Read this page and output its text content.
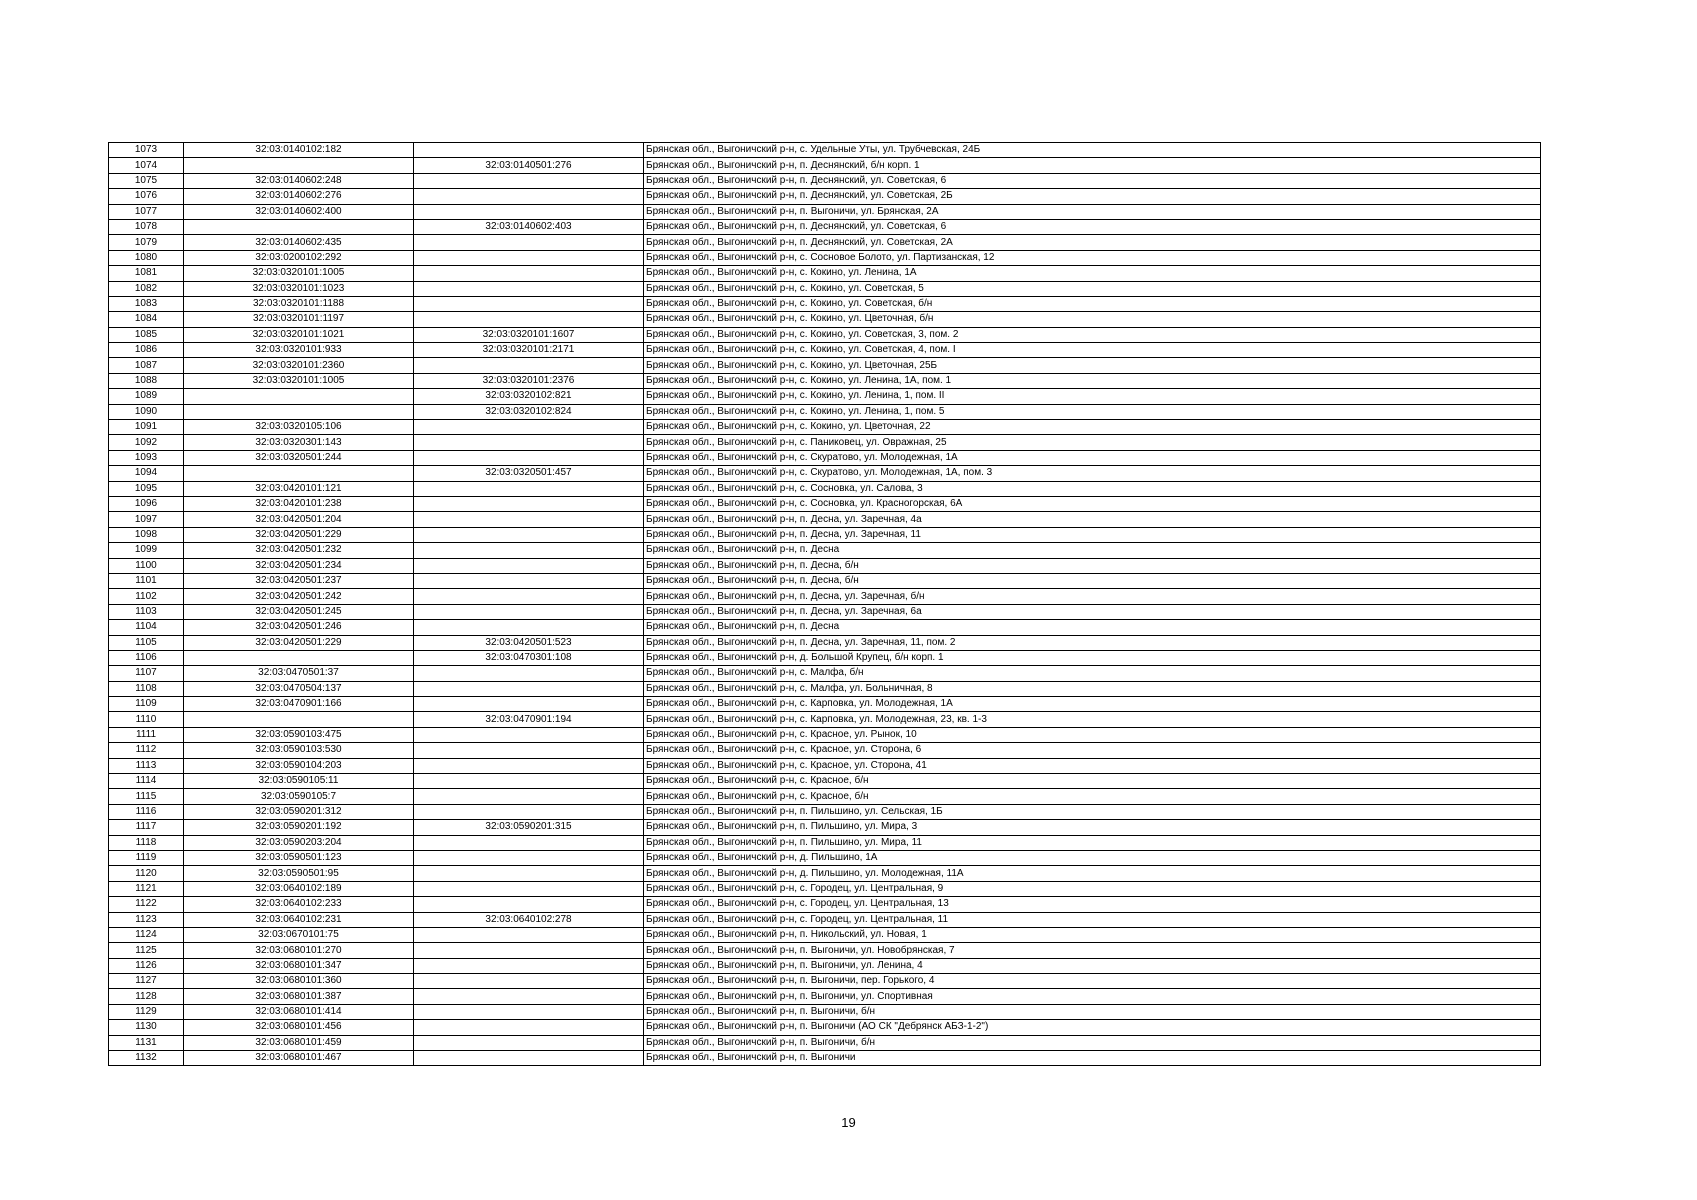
1073	32:03:0140102:182		Брянская обл., Выгоничский р-н, с. Удельные Уты, ул. Трубчевская, 24Б
1074		32:03:0140501:276	Брянская обл., Выгоничский р-н, п. Деснянский, б/н корп. 1
1075	32:03:0140602:248		Брянская обл., Выгоничский р-н, п. Деснянский, ул. Советская, 6
1076	32:03:0140602:276		Брянская обл., Выгоничский р-н, п. Деснянский, ул. Советская, 2Б
1077	32:03:0140602:400		Брянская обл., Выгоничский р-н, п. Выгоничи, ул. Брянская, 2А
1078		32:03:0140602:403	Брянская обл., Выгоничский р-н, п. Деснянский, ул. Советская, 6
1079	32:03:0140602:435		Брянская обл., Выгоничский р-н, п. Деснянский, ул. Советская, 2А
1080	32:03:0200102:292		Брянская обл., Выгоничский р-н, с. Сосновое Болото, ул. Партизанская, 12
1081	32:03:0320101:1005		Брянская обл., Выгоничский р-н, с. Кокино, ул. Ленина, 1А
1082	32:03:0320101:1023		Брянская обл., Выгоничский р-н, с. Кокино, ул. Советская, 5
1083	32:03:0320101:1188		Брянская обл., Выгоничский р-н, с. Кокино, ул. Советская, б/н
1084	32:03:0320101:1197		Брянская обл., Выгоничский р-н, с. Кокино, ул. Цветочная, б/н
1085	32:03:0320101:1021	32:03:0320101:1607	Брянская обл., Выгоничский р-н, с. Кокино, ул. Советская, 3, пом. 2
1086	32:03:0320101:933	32:03:0320101:2171	Брянская обл., Выгоничский р-н, с. Кокино, ул. Советская, 4, пом. I
1087	32:03:0320101:2360		Брянская обл., Выгоничский р-н, с. Кокино, ул. Цветочная, 25Б
1088	32:03:0320101:1005	32:03:0320101:2376	Брянская обл., Выгоничский р-н, с. Кокино, ул. Ленина, 1А, пом. 1
1089		32:03:0320102:821	Брянская обл., Выгоничский р-н, с. Кокино, ул. Ленина, 1, пом. II
1090		32:03:0320102:824	Брянская обл., Выгоничский р-н, с. Кокино, ул. Ленина, 1, пом. 5
1091	32:03:0320105:106		Брянская обл., Выгоничский р-н, с. Кокино, ул. Цветочная, 22
1092	32:03:0320301:143		Брянская обл., Выгоничский р-н, с. Паниковец, ул. Овражная, 25
1093	32:03:0320501:244		Брянская обл., Выгоничский р-н, с. Скуратово, ул. Молодежная, 1А
1094		32:03:0320501:457	Брянская обл., Выгоничский р-н, с. Скуратово, ул. Молодежная, 1А, пом. 3
1095	32:03:0420101:121		Брянская обл., Выгоничский р-н, с. Сосновка, ул. Салова, 3
1096	32:03:0420101:238		Брянская обл., Выгоничский р-н, с. Сосновка, ул. Красногорская, 6А
1097	32:03:0420501:204		Брянская обл., Выгоничский р-н, п. Десна, ул. Заречная, 4а
1098	32:03:0420501:229		Брянская обл., Выгоничский р-н, п. Десна, ул. Заречная, 11
1099	32:03:0420501:232		Брянская обл., Выгоничский р-н, п. Десна
1100	32:03:0420501:234		Брянская обл., Выгоничский р-н, п. Десна, б/н
1101	32:03:0420501:237		Брянская обл., Выгоничский р-н, п. Десна, б/н
1102	32:03:0420501:242		Брянская обл., Выгоничский р-н, п. Десна, ул. Заречная, б/н
1103	32:03:0420501:245		Брянская обл., Выгоничский р-н, п. Десна, ул. Заречная, 6а
1104	32:03:0420501:246		Брянская обл., Выгоничский р-н, п. Десна
1105	32:03:0420501:229	32:03:0420501:523	Брянская обл., Выгоничский р-н, п. Десна, ул. Заречная, 11, пом. 2
1106		32:03:0470301:108	Брянская обл., Выгоничский р-н, д. Большой Крупец, б/н корп. 1
1107	32:03:0470501:37		Брянская обл., Выгоничский р-н, с. Малфа, б/н
1108	32:03:0470504:137		Брянская обл., Выгоничский р-н, с. Малфа, ул. Больничная, 8
1109	32:03:0470901:166		Брянская обл., Выгоничский р-н, с. Карповка, ул. Молодежная, 1А
1110		32:03:0470901:194	Брянская обл., Выгоничский р-н, с. Карповка, ул. Молодежная, 23, кв. 1-3
1111	32:03:0590103:475		Брянская обл., Выгоничский р-н, с. Красное, ул. Рынок, 10
1112	32:03:0590103:530		Брянская обл., Выгоничский р-н, с. Красное, ул. Сторона, 6
1113	32:03:0590104:203		Брянская обл., Выгоничский р-н, с. Красное, ул. Сторона, 41
1114	32:03:0590105:11		Брянская обл., Выгоничский р-н, с. Красное, б/н
1115	32:03:0590105:7		Брянская обл., Выгоничский р-н, с. Красное, б/н
1116	32:03:0590201:312		Брянская обл., Выгоничский р-н, п. Пильшино, ул. Сельская, 1Б
1117	32:03:0590201:192	32:03:0590201:315	Брянская обл., Выгоничский р-н, п. Пильшино, ул. Мира, 3
1118	32:03:0590203:204		Брянская обл., Выгоничский р-н, п. Пильшино, ул. Мира, 11
1119	32:03:0590501:123		Брянская обл., Выгоничский р-н, д. Пильшино, 1А
1120	32:03:0590501:95		Брянская обл., Выгоничский р-н, д. Пильшино, ул. Молодежная, 11А
1121	32:03:0640102:189		Брянская обл., Выгоничский р-н, с. Городец, ул. Центральная, 9
1122	32:03:0640102:233		Брянская обл., Выгоничский р-н, с. Городец, ул. Центральная, 13
1123	32:03:0640102:231	32:03:0640102:278	Брянская обл., Выгоничский р-н, с. Городец, ул. Центральная, 11
1124	32:03:0670101:75		Брянская обл., Выгоничский р-н, п. Никольский, ул. Новая, 1
1125	32:03:0680101:270		Брянская обл., Выгоничский р-н, п. Выгоничи, ул. Новобрянская, 7
1126	32:03:0680101:347		Брянская обл., Выгоничский р-н, п. Выгоничи, ул. Ленина, 4
1127	32:03:0680101:360		Брянская обл., Выгоничский р-н, п. Выгоничи, пер. Горького, 4
1128	32:03:0680101:387		Брянская обл., Выгоничский р-н, п. Выгоничи, ул. Спортивная
1129	32:03:0680101:414		Брянская обл., Выгоничский р-н, п. Выгоничи, б/н
1130	32:03:0680101:456		Брянская обл., Выгоничский р-н, п. Выгоничи (АО СК "Дебрянск АБЗ-1-2")
1131	32:03:0680101:459		Брянская обл., Выгоничский р-н, п. Выгоничи, б/н
1132	32:03:0680101:467		Брянская обл., Выгоничский р-н, п. Выгоничи
19
